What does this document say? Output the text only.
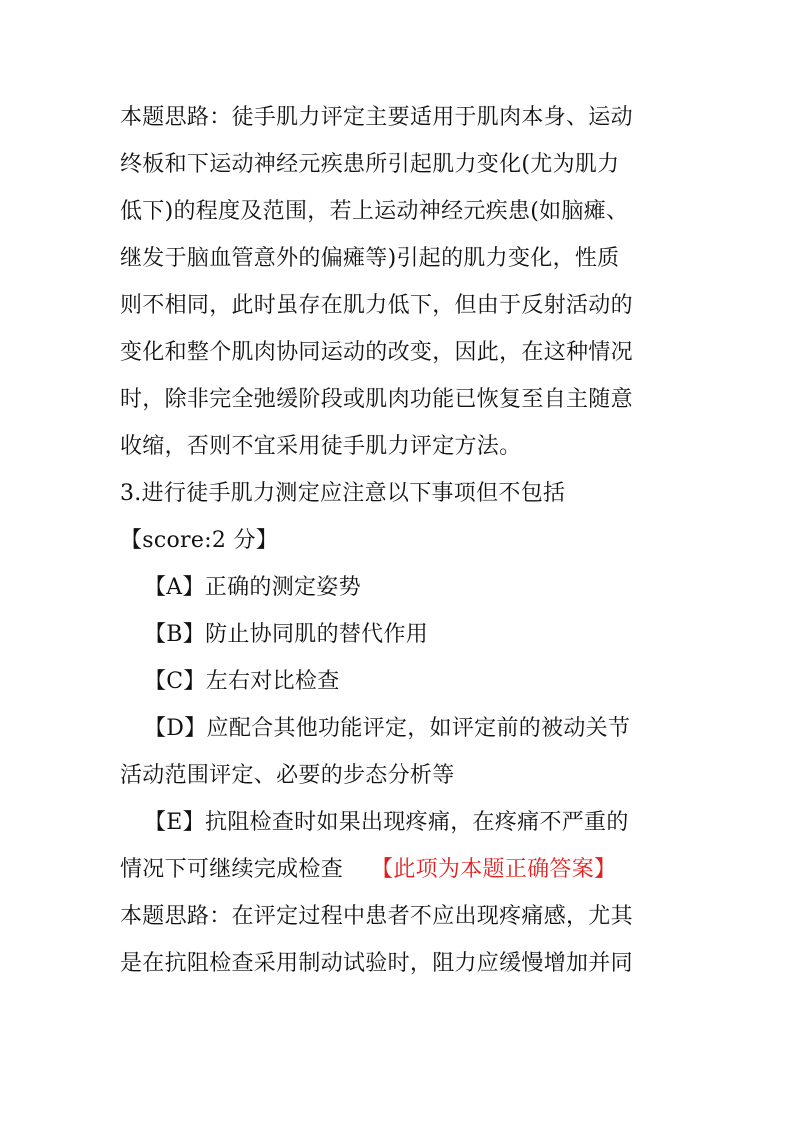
本题思路：徒手肌力评定主要适用于肌肉本身、运动
终板和下运动神经元疾患所引起肌力变化(尤为肌力
低下)的程度及范围，若上运动神经元疾患(如脑瘫、
继发于脑血管意外的偏瘫等)引起的肌力变化，性质
则不相同，此时虽存在肌力低下，但由于反射活动的
变化和整个肌肉协同运动的改变，因此，在这种情况
时，除非完全弛缓阶段或肌肉功能已恢复至自主随意
收缩，否则不宜采用徒手肌力评定方法。
3.进行徒手肌力测定应注意以下事项但不包括
【score:2 分】
【A】正确的测定姿势
【B】防止协同肌的替代作用
【C】左右对比检查
【D】应配合其他功能评定，如评定前的被动关节
活动范围评定、必要的步态分析等
【E】抗阻检查时如果出现疼痛，在疼痛不严重的
情况下可继续完成检查 【此项为本题正确答案】
本题思路：在评定过程中患者不应出现疼痛感，尤其
是在抗阻检查采用制动试验时，阻力应缓慢增加并同
